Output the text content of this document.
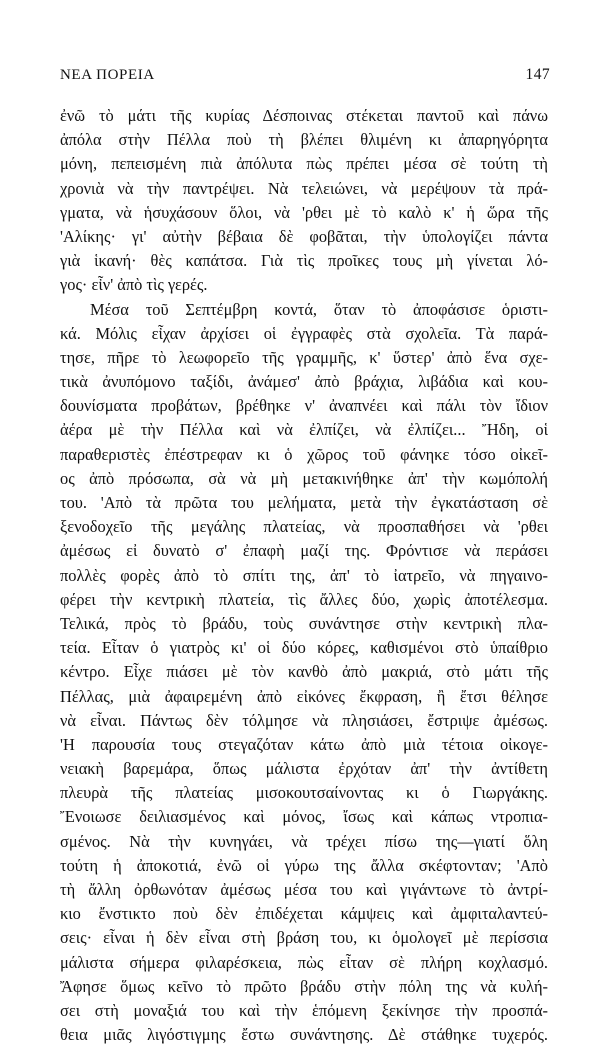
ΝΕΑ ΠΟΡΕΙΑ	147
ἐνῶ τὸ μάτι τῆς κυρίας Δέσποινας στέκεται παντοῦ καὶ πάνω
ἀπόλα στὴν Πέλλα ποὺ τὴ βλέπει θλιμένη κι ἀπαρηγόρητα
μόνη, πεπεισμένη πιὰ ἀπόλυτα πὼς πρέπει μέσα σὲ τούτη τὴ
χρονιὰ νὰ τὴν παντρέψει. Νὰ τελειώνει, νὰ μερέψουν τὰ πρά-
γματα, νὰ ἡσυχάσουν ὅλοι, νὰ 'ρθει μὲ τὸ καλὸ κ' ἡ ὥρα τῆς
'Αλίκης· γι' αὐτὴν βέβαια δὲ φοβᾶται, τὴν ὑπολογίζει πάντα
γιὰ ἱκανή· θὲς καπάτσα. Γιὰ τὶς προῖκες τους μὴ γίνεται λό-
γος· εἶν' ἀπὸ τὶς γερές.
Μέσα τοῦ Σεπτέμβρη κοντά, ὅταν τὸ ἀποφάσισε ὁριστι-
κά. Μόλις εἶχαν ἀρχίσει οἱ ἐγγραφὲς στὰ σχολεῖα. Τὰ παρά-
τησε, πῆρε τὸ λεωφορεῖο τῆς γραμμῆς, κ' ὕστερ' ἀπὸ ἕνα σχε-
τικὰ ἀνυπόμονο ταξίδι, ἀνάμεσ' ἀπὸ βράχια, λιβάδια καὶ κου-
δουνίσματα προβάτων, βρέθηκε ν' ἀναπνέει καὶ πάλι τὸν ἴδιον
ἀέρα μὲ τὴν Πέλλα καὶ νὰ ἐλπίζει, νὰ ἐλπίζει... Ἤδη, οἱ
παραθεριστὲς ἐπέστρεφαν κι ὁ χῶρος τοῦ φάνηκε τόσο οἰκεῖ-
ος ἀπὸ πρόσωπα, σὰ νὰ μὴ μετακινήθηκε ἀπ' τὴν κωμόπολή
του. 'Απὸ τὰ πρῶτα του μελήματα, μετὰ τὴν ἐγκατάσταση σὲ
ξενοδοχεῖο τῆς μεγάλης πλατείας, νὰ προσπαθήσει νὰ 'ρθει
ἀμέσως εἰ δυνατὸ σ' ἐπαφὴ μαζί της. Φρόντισε νὰ περάσει
πολλὲς φορὲς ἀπὸ τὸ σπίτι της, ἀπ' τὸ ἰατρεῖο, νὰ πηγαινο-
φέρει τὴν κεντρικὴ πλατεία, τὶς ἄλλες δύο, χωρὶς ἀποτέλεσμα.
Τελικά, πρὸς τὸ βράδυ, τοὺς συνάντησε στὴν κεντρικὴ πλα-
τεία. Εἶταν ὁ γιατρὸς κι' οἱ δύο κόρες, καθισμένοι στὸ ὑπαίθριο
κέντρο. Εἶχε πιάσει μὲ τὸν κανθὸ ἀπὸ μακριά, στὸ μάτι τῆς
Πέλλας, μιὰ ἀφαιρεμένη ἀπὸ εἰκόνες ἔκφραση, ἢ ἔτσι θέλησε
νὰ εἶναι. Πάντως δὲν τόλμησε νὰ πλησιάσει, ἔστριψε ἀμέσως.
'Η παρουσία τους στεγαζόταν κάτω ἀπὸ μιὰ τέτοια οἰκογε-
νειακὴ βαρεμάρα, ὅπως μάλιστα ἐρχόταν ἀπ' τὴν ἀντίθετη
πλευρὰ τῆς πλατείας μισοκουτσαίνοντας κι ὁ Γιωργάκης.
Ἔνοιωσε δειλιασμένος καὶ μόνος, ἴσως καὶ κάπως ντροπια-
σμένος. Νὰ τὴν κυνηγάει, νὰ τρέχει πίσω της—γιατί ὅλη
τούτη ἡ ἀποκοτιά, ἐνῶ οἱ γύρω της ἄλλα σκέφτονταν; 'Απὸ
τὴ ἄλλη ὀρθωνόταν ἀμέσως μέσα του καὶ γιγάντωνε τὸ ἀντρί-
κιο ἔνστικτο ποὺ δὲν ἐπιδέχεται κάμψεις καὶ ἀμφιταλαντεύ-
σεις· εἶναι ἡ δὲν εἶναι στὴ βράση του, κι ὁμολογεῖ μὲ περίσσια
μάλιστα σήμερα φιλαρέσκεια, πὼς εἶταν σὲ πλήρη κοχλασμό.
Ἄφησε ὅμως κεῖνο τὸ πρῶτο βράδυ στὴν πόλη της νὰ κυλή-
σει στὴ μοναξιά του καὶ τὴν ἑπόμενη ξεκίνησε τὴν προσπά-
θεια μιᾶς λιγόστιγμης ἔστω συνάντησης. Δὲ στάθηκε τυχερός.
